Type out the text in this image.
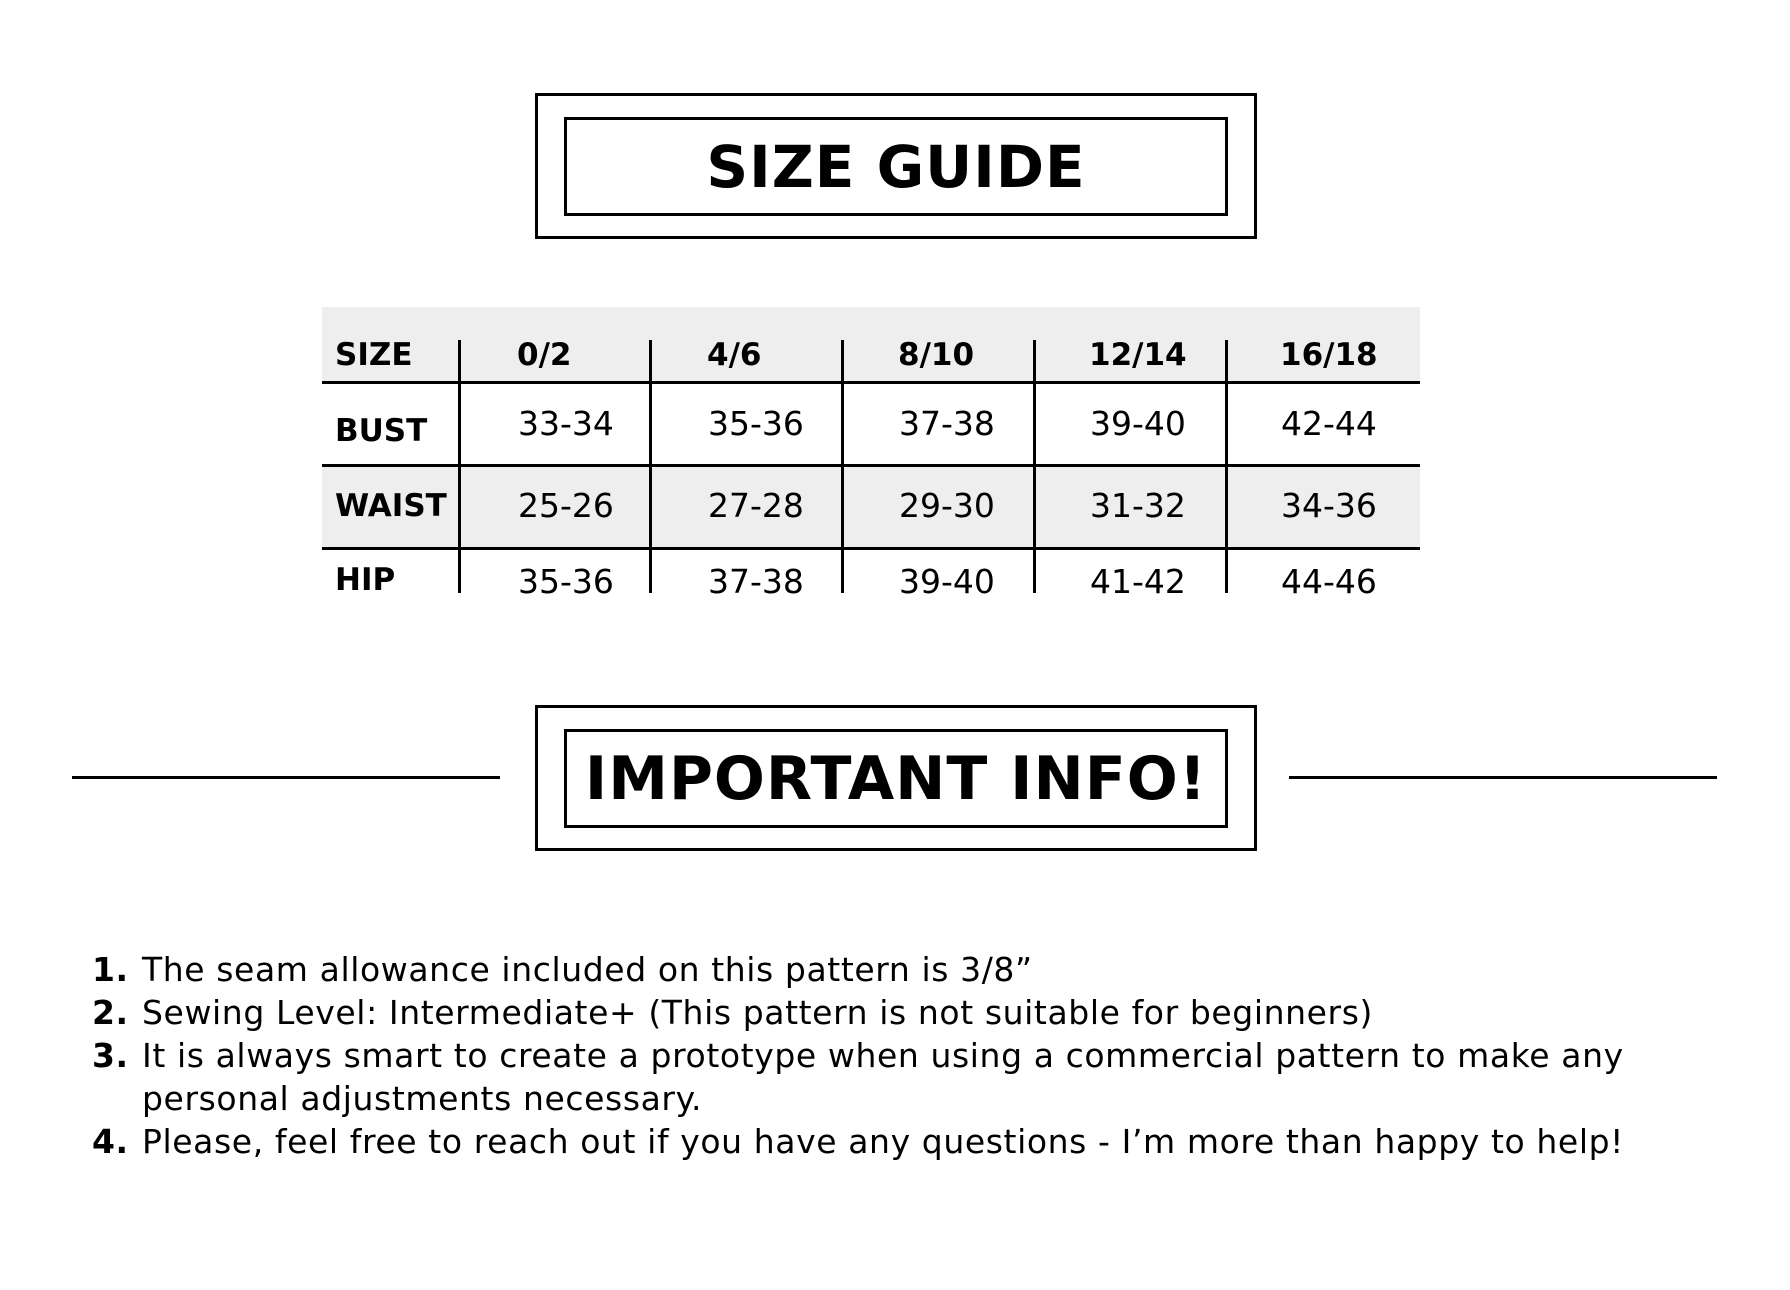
SIZE GUIDE
SIZE	0/2	4/6	8/10	12/14	16/18
BUST	33-34	35-36	37-38	39-40	42-44
WAIST 25-26	27-28	29-30	31-32	34-36
HIP	35-36	37-38	39-40	41-42	44-46
IMPORTANT INFO!
1. The seam allowance included on this pattern is 3/8”
2. Sewing Level: Intermediate+ (This pattern is not suitable for beginners)
3. It is always smart to create a prototype when using a commercial pattern to make any personal adjustments necessary.
4. Please, feel free to reach out if you have any questions - I’m more than happy to help!
